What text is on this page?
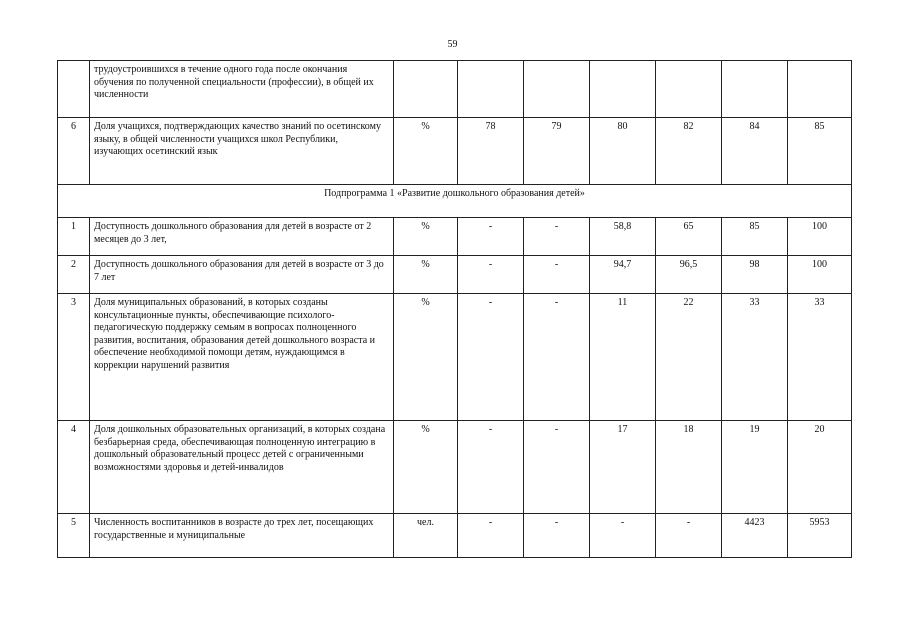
59
	трудоустроившихся в течение одного года после окончания обучения по полученной специальности (профессии), в общей их численности							
6	Доля учащихся, подтверждающих качество знаний по осетинскому языку, в общей численности учащихся школ Республики, изучающих осетинский язык	%	78	79	80	82	84	85
Подпрограмма 1 «Развитие дошкольного образования детей»								
1	Доступность дошкольного образования для детей в возрасте от 2 месяцев до 3 лет,	%	-	-	58,8	65	85	100
2	Доступность дошкольного образования для детей в возрасте от 3 до 7 лет	%	-	-	94,7	96,5	98	100
3	Доля муниципальных образований, в которых созданы консультационные пункты, обеспечивающие психолого-педагогическую поддержку семьям в вопросах полноценного развития, воспитания, образования детей дошкольного возраста и обеспечение необходимой помощи детям, нуждающимся в коррекции нарушений развития	%	-	-	11	22	33	33
4	Доля дошкольных образовательных организаций, в которых создана безбарьерная среда, обеспечивающая полноценную интеграцию в дошкольный образовательный процесс детей с ограниченными возможностями здоровья и детей-инвалидов	%	-	-	17	18	19	20
5	Численность воспитанников в возрасте до трех лет, посещающих государственные и муниципальные	чел.	-	-	-	-	4423	5953
